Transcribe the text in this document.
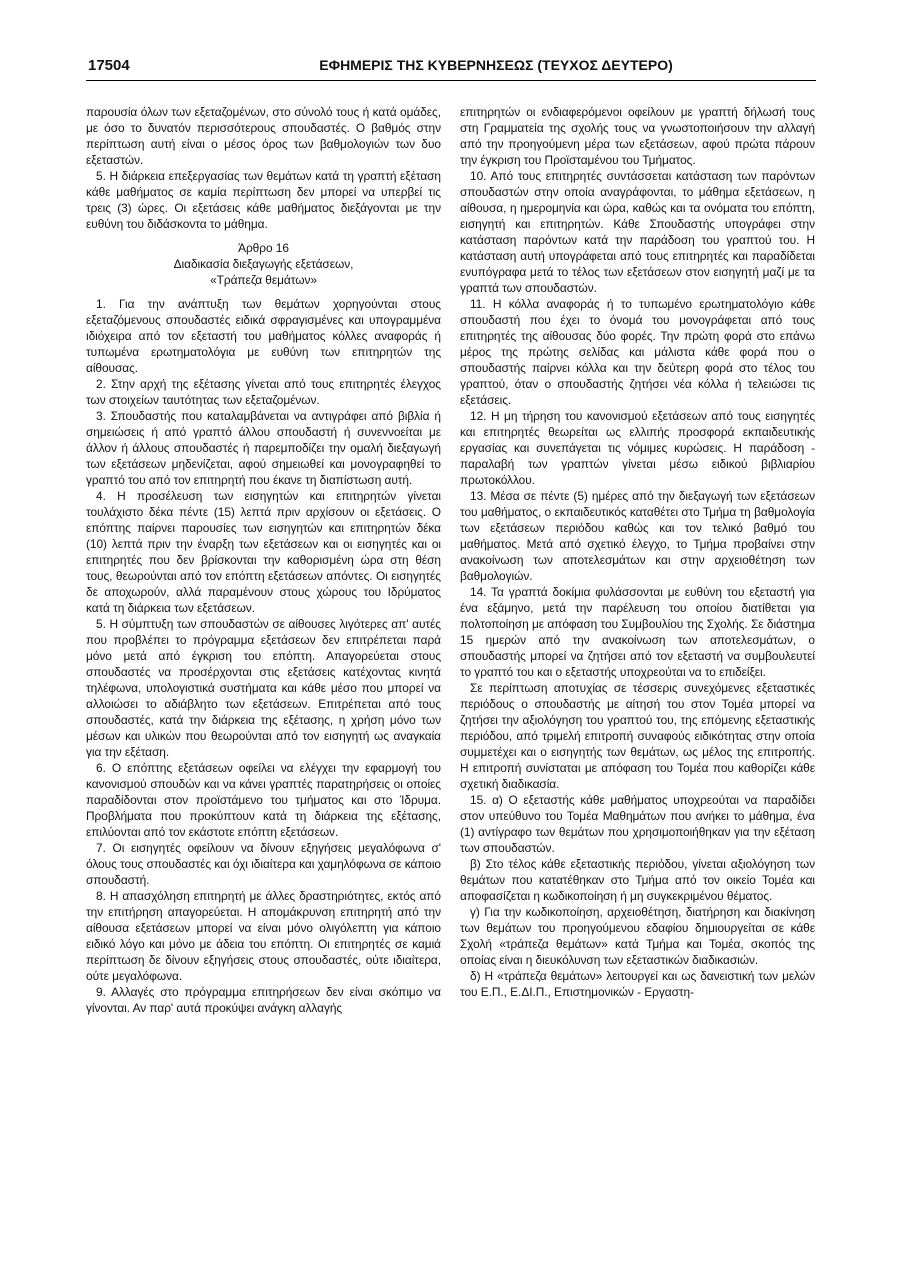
17504	ΕΦΗΜΕΡΙΣ ΤΗΣ ΚΥΒΕΡΝΗΣΕΩΣ (ΤΕΥΧΟΣ ΔΕΥΤΕΡΟ)

παρουσία όλων των εξεταζομένων, στο σύνολό τους ή κατά ομάδες, με όσο το δυνατόν περισσότερους σπουδαστές. Ο βαθμός στην περίπτωση αυτή είναι ο μέσος όρος των βαθμολογιών των δυο εξεταστών.

5. Η διάρκεια επεξεργασίας των θεμάτων κατά τη γραπτή εξέταση κάθε μαθήματος σε καμία περίπτωση δεν μπορεί να υπερβεί τις τρεις (3) ώρες. Οι εξετάσεις κάθε μαθήματος διεξάγονται με την ευθύνη του διδάσκοντα το μάθημα.

Άρθρο 16
Διαδικασία διεξαγωγής εξετάσεων,
«Τράπεζα θεμάτων»

1. Για την ανάπτυξη των θεμάτων χορηγούνται στους εξεταζόμενους σπουδαστές ειδικά σφραγισμένες και υπογραμμένα ιδιόχειρα από τον εξεταστή του μαθήματος κόλλες αναφοράς ή τυπωμένα ερωτηματολόγια με ευθύνη των επιτηρητών της αίθουσας.

2. Στην αρχή της εξέτασης γίνεται από τους επιτηρητές έλεγχος των στοιχείων ταυτότητας των εξεταζομένων.

3. Σπουδαστής που καταλαμβάνεται να αντιγράφει από βιβλία ή σημειώσεις ή από γραπτό άλλου σπουδαστή ή συνεννοείται με άλλον ή άλλους σπουδαστές ή παρεμποδίζει την ομαλή διεξαγωγή των εξετάσεων μηδενίζεται, αφού σημειωθεί και μονογραφηθεί το γραπτό του από τον επιτηρητή που έκανε τη διαπίστωση αυτή.

4. Η προσέλευση των εισηγητών και επιτηρητών γίνεται τουλάχιστο δέκα πέντε (15) λεπτά πριν αρχίσουν οι εξετάσεις. Ο επόπτης παίρνει παρουσίες των εισηγητών και επιτηρητών δέκα (10) λεπτά πριν την έναρξη των εξετάσεων και οι εισηγητές και οι επιτηρητές που δεν βρίσκονται την καθορισμένη ώρα στη θέση τους, θεωρούνται από τον επόπτη εξετάσεων απόντες. Οι εισηγητές δε αποχωρούν, αλλά παραμένουν στους χώρους του Ιδρύματος κατά τη διάρκεια των εξετάσεων.

5. Η σύμπτυξη των σπουδαστών σε αίθουσες λιγότερες απ' αυτές που προβλέπει το πρόγραμμα εξετάσεων δεν επιτρέπεται παρά μόνο μετά από έγκριση του επόπτη. Απαγορεύεται στους σπουδαστές να προσέρχονται στις εξετάσεις κατέχοντας κινητά τηλέφωνα, υπολογιστικά συστήματα και κάθε μέσο που μπορεί να αλλοιώσει το αδιάβλητο των εξετάσεων. Επιτρέπεται από τους σπουδαστές, κατά την διάρκεια της εξέτασης, η χρήση μόνο των μέσων και υλικών που θεωρούνται από τον εισηγητή ως αναγκαία για την εξέταση.

6. Ο επόπτης εξετάσεων οφείλει να ελέγχει την εφαρμογή του κανονισμού σπουδών και να κάνει γραπτές παρατηρήσεις οι οποίες παραδίδονται στον προϊστάμενο του τμήματος και στο Ίδρυμα. Προβλήματα που προκύπτουν κατά τη διάρκεια της εξέτασης, επιλύονται από τον εκάστοτε επόπτη εξετάσεων.

7. Οι εισηγητές οφείλουν να δίνουν εξηγήσεις μεγαλόφωνα σ' όλους τους σπουδαστές και όχι ιδιαίτερα και χαμηλόφωνα σε κάποιο σπουδαστή.

8. Η απασχόληση επιτηρητή με άλλες δραστηριότητες, εκτός από την επιτήρηση απαγορεύεται. Η απομάκρυνση επιτηρητή από την αίθουσα εξετάσεων μπορεί να είναι μόνο ολιγόλεπτη για κάποιο ειδικό λόγο και μόνο με άδεια του επόπτη. Οι επιτηρητές σε καμιά περίπτωση δε δίνουν εξηγήσεις στους σπουδαστές, ούτε ιδιαίτερα, ούτε μεγαλόφωνα.

9. Αλλαγές στο πρόγραμμα επιτηρήσεων δεν είναι σκόπιμο να γίνονται. Αν παρ' αυτά προκύψει ανάγκη αλλαγής

επιτηρητών οι ενδιαφερόμενοι οφείλουν με γραπτή δήλωσή τους στη Γραμματεία της σχολής τους να γνωστοποιήσουν την αλλαγή από την προηγούμενη μέρα των εξετάσεων, αφού πρώτα πάρουν την έγκριση του Προϊσταμένου του Τμήματος.

10. Από τους επιτηρητές συντάσσεται κατάσταση των παρόντων σπουδαστών στην οποία αναγράφονται, το μάθημα εξετάσεων, η αίθουσα, η ημερομηνία και ώρα, καθώς και τα ονόματα του επόπτη, εισηγητή και επιτηρητών. Κάθε Σπουδαστής υπογράφει στην κατάσταση παρόντων κατά την παράδοση του γραπτού του. Η κατάσταση αυτή υπογράφεται από τους επιτηρητές και παραδίδεται ενυπόγραφα μετά το τέλος των εξετάσεων στον εισηγητή μαζί με τα γραπτά των σπουδαστών.

11. Η κόλλα αναφοράς ή το τυπωμένο ερωτηματολόγιο κάθε σπουδαστή που έχει το όνομά του μονογράφεται από τους επιτηρητές της αίθουσας δύο φορές. Την πρώτη φορά στο επάνω μέρος της πρώτης σελίδας και μάλιστα κάθε φορά που ο σπουδαστής παίρνει κόλλα και την δεύτερη φορά στο τέλος του γραπτού, όταν ο σπουδαστής ζητήσει νέα κόλλα ή τελειώσει τις εξετάσεις.

12. Η μη τήρηση του κανονισμού εξετάσεων από τους εισηγητές και επιτηρητές θεωρείται ως ελλιπής προσφορά εκπαιδευτικής εργασίας και συνεπάγεται τις νόμιμες κυρώσεις. Η παράδοση - παραλαβή των γραπτών γίνεται μέσω ειδικού βιβλιαρίου πρωτοκόλλου.

13. Μέσα σε πέντε (5) ημέρες από την διεξαγωγή των εξετάσεων του μαθήματος, ο εκπαιδευτικός καταθέτει στο Τμήμα τη βαθμολογία των εξετάσεων περιόδου καθώς και τον τελικό βαθμό του μαθήματος. Μετά από σχετικό έλεγχο, το Τμήμα προβαίνει στην ανακοίνωση των αποτελεσμάτων και στην αρχειοθέτηση των βαθμολογιών.

14. Τα γραπτά δοκίμια φυλάσσονται με ευθύνη του εξεταστή για ένα εξάμηνο, μετά την παρέλευση του οποίου διατίθεται για πολτοποίηση με απόφαση του Συμβουλίου της Σχολής. Σε διάστημα 15 ημερών από την ανακοίνωση των αποτελεσμάτων, ο σπουδαστής μπορεί να ζητήσει από τον εξεταστή να συμβουλευτεί το γραπτό του και ο εξεταστής υποχρεούται να το επιδείξει.

Σε περίπτωση αποτυχίας σε τέσσερις συνεχόμενες εξεταστικές περιόδους ο σπουδαστής με αίτησή του στον Τομέα μπορεί να ζητήσει την αξιολόγηση του γραπτού του, της επόμενης εξεταστικής περιόδου, από τριμελή επιτροπή συναφούς ειδικότητας στην οποία συμμετέχει και ο εισηγητής των θεμάτων, ως μέλος της επιτροπής. Η επιτροπή συνίσταται με απόφαση του Τομέα που καθορίζει κάθε σχετική διαδικασία.

15. α) Ο εξεταστής κάθε μαθήματος υποχρεούται να παραδίδει στον υπεύθυνο του Τομέα Μαθημάτων που ανήκει το μάθημα, ένα (1) αντίγραφο των θεμάτων που χρησιμοποιήθηκαν για την εξέταση των σπουδαστών.

β) Στο τέλος κάθε εξεταστικής περιόδου, γίνεται αξιολόγηση των θεμάτων που κατατέθηκαν στο Τμήμα από τον οικείο Τομέα και αποφασίζεται η κωδικοποίηση ή μη συγκεκριμένου θέματος.

γ) Για την κωδικοποίηση, αρχειοθέτηση, διατήρηση και διακίνηση των θεμάτων του προηγούμενου εδαφίου δημιουργείται σε κάθε Σχολή «τράπεζα θεμάτων» κατά Τμήμα και Τομέα, σκοπός της οποίας είναι η διευκόλυνση των εξεταστικών διαδικασιών.

δ) Η «τράπεζα θεμάτων» λειτουργεί και ως δανειστική των μελών του Ε.Π., Ε.ΔΙ.Π., Επιστημονικών - Εργαστη-
